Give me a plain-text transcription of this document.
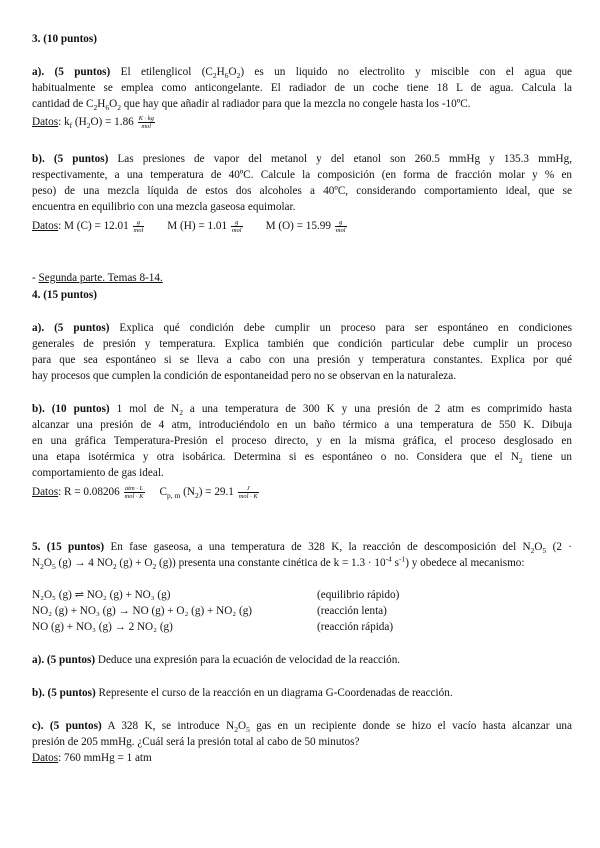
3. (10 puntos)
a). (5 puntos) El etilenglicol $(C_2H_6O_2)$ es un liquido no electrolito y miscible con el agua que
habitualmente se emplea como anticongelante. El radiador de un coche tiene 18 L de agua. Calcula la
cantidad de $C_2H_6O_2$ que hay que añadir al radiador para que la mezcla no congele hasta los -10ºC.
Datos: $k_f$ $(H_2O) = 1.86 \frac{K \cdot kg}{\text{mol}}$
b). (5 puntos) Las presiones de vapor del metanol y del etanol son 260.5 mmHg y 135.3 mmHg,
respectivamente, a una temperatura de 40ºC. Calcule la composición (en forma de fracción molar y % en
peso) de una mezcla líquida de estos dos alcoholes a 40ºC, considerando comportamiento ideal, que se
encuentra en equilibrio con una mezcla gaseosa equimolar.
Datos: M $(C) = 12.01 \frac{g}{\text{mol}}$ M $(H) = 1.01 \frac{g}{\text{mol}}$ M $(O) = 15.99 \frac{g}{\text{mol}}$
- Segunda parte. Temas 8-14.
4. (15 puntos)
a). (5 puntos) Explica qué condición debe cumplir un proceso para ser espontáneo en condiciones
generales de presión y temperatura. Explica también que condición particular debe cumplir un proceso
para que sea espontáneo si se lleva a cabo con una presión y temperatura constantes. Explica por qué
hay procesos que cumplen la condición de espontaneidad pero no se observan en la naturaleza.
b). (10 puntos) 1 mol de $N_2$ a una temperatura de 300 K y una presión de 2 atm es comprimido hasta
alcanzar una presión de 4 atm, introduciéndolo en un baño térmico a una temperatura de 550 K. Dibuja
en una gráfica Temperatura-Presión el proceso directo, y en la misma gráfica, el proceso desglosado en
una etapa isotérmica y otra isobárica. Determina si es espontáneo o no. Considera que el $N_2$ tiene un
comportamiento de gas ideal.
Datos: $R = 0.08206 \frac{\text{atm · L}}{\text{mol · K}} C_{p, m}$ $(N_2) = 29.1 \frac{J}{\text{mol · K}}$
5. (15 puntos) En fase gaseosa, a una temperatura de 328 K, la reacción de descomposición del $N_2O_5$ (2 ·
$N_2O_5$ (g) → 4 $NO_2$ $(g) + O_2$ (g)) presenta una constante cinética de $k = 1.3 \cdot 10^{-4}$ $s^{-1}$) y obedece al mecanismo:
N₂O₅ (g) ⇌ NO₂ (g) + NO₃ (g)	(equilibrio rápido)
NO₂ (g) + NO₃ (g) → NO (g) + O₂ (g) + NO₂ (g)	(reacción lenta)
NO (g) + NO₃ (g) → 2 NO₂ (g)	(reacción rápida)
a). (5 puntos) Deduce una expresión para la ecuación de velocidad de la reacción.
b). (5 puntos) Represente el curso de la reacción en un diagrama G-Coordenadas de reacción.
c). (5 puntos) A 328 K, se introduce $N_2O_5$ gas en un recipiente donde se hizo el vacío hasta alcanzar una
presión de 205 mmHg. ¿Cuál será la presión total al cabo de 50 minutos?
Datos: 760 mmHg = 1 atm
